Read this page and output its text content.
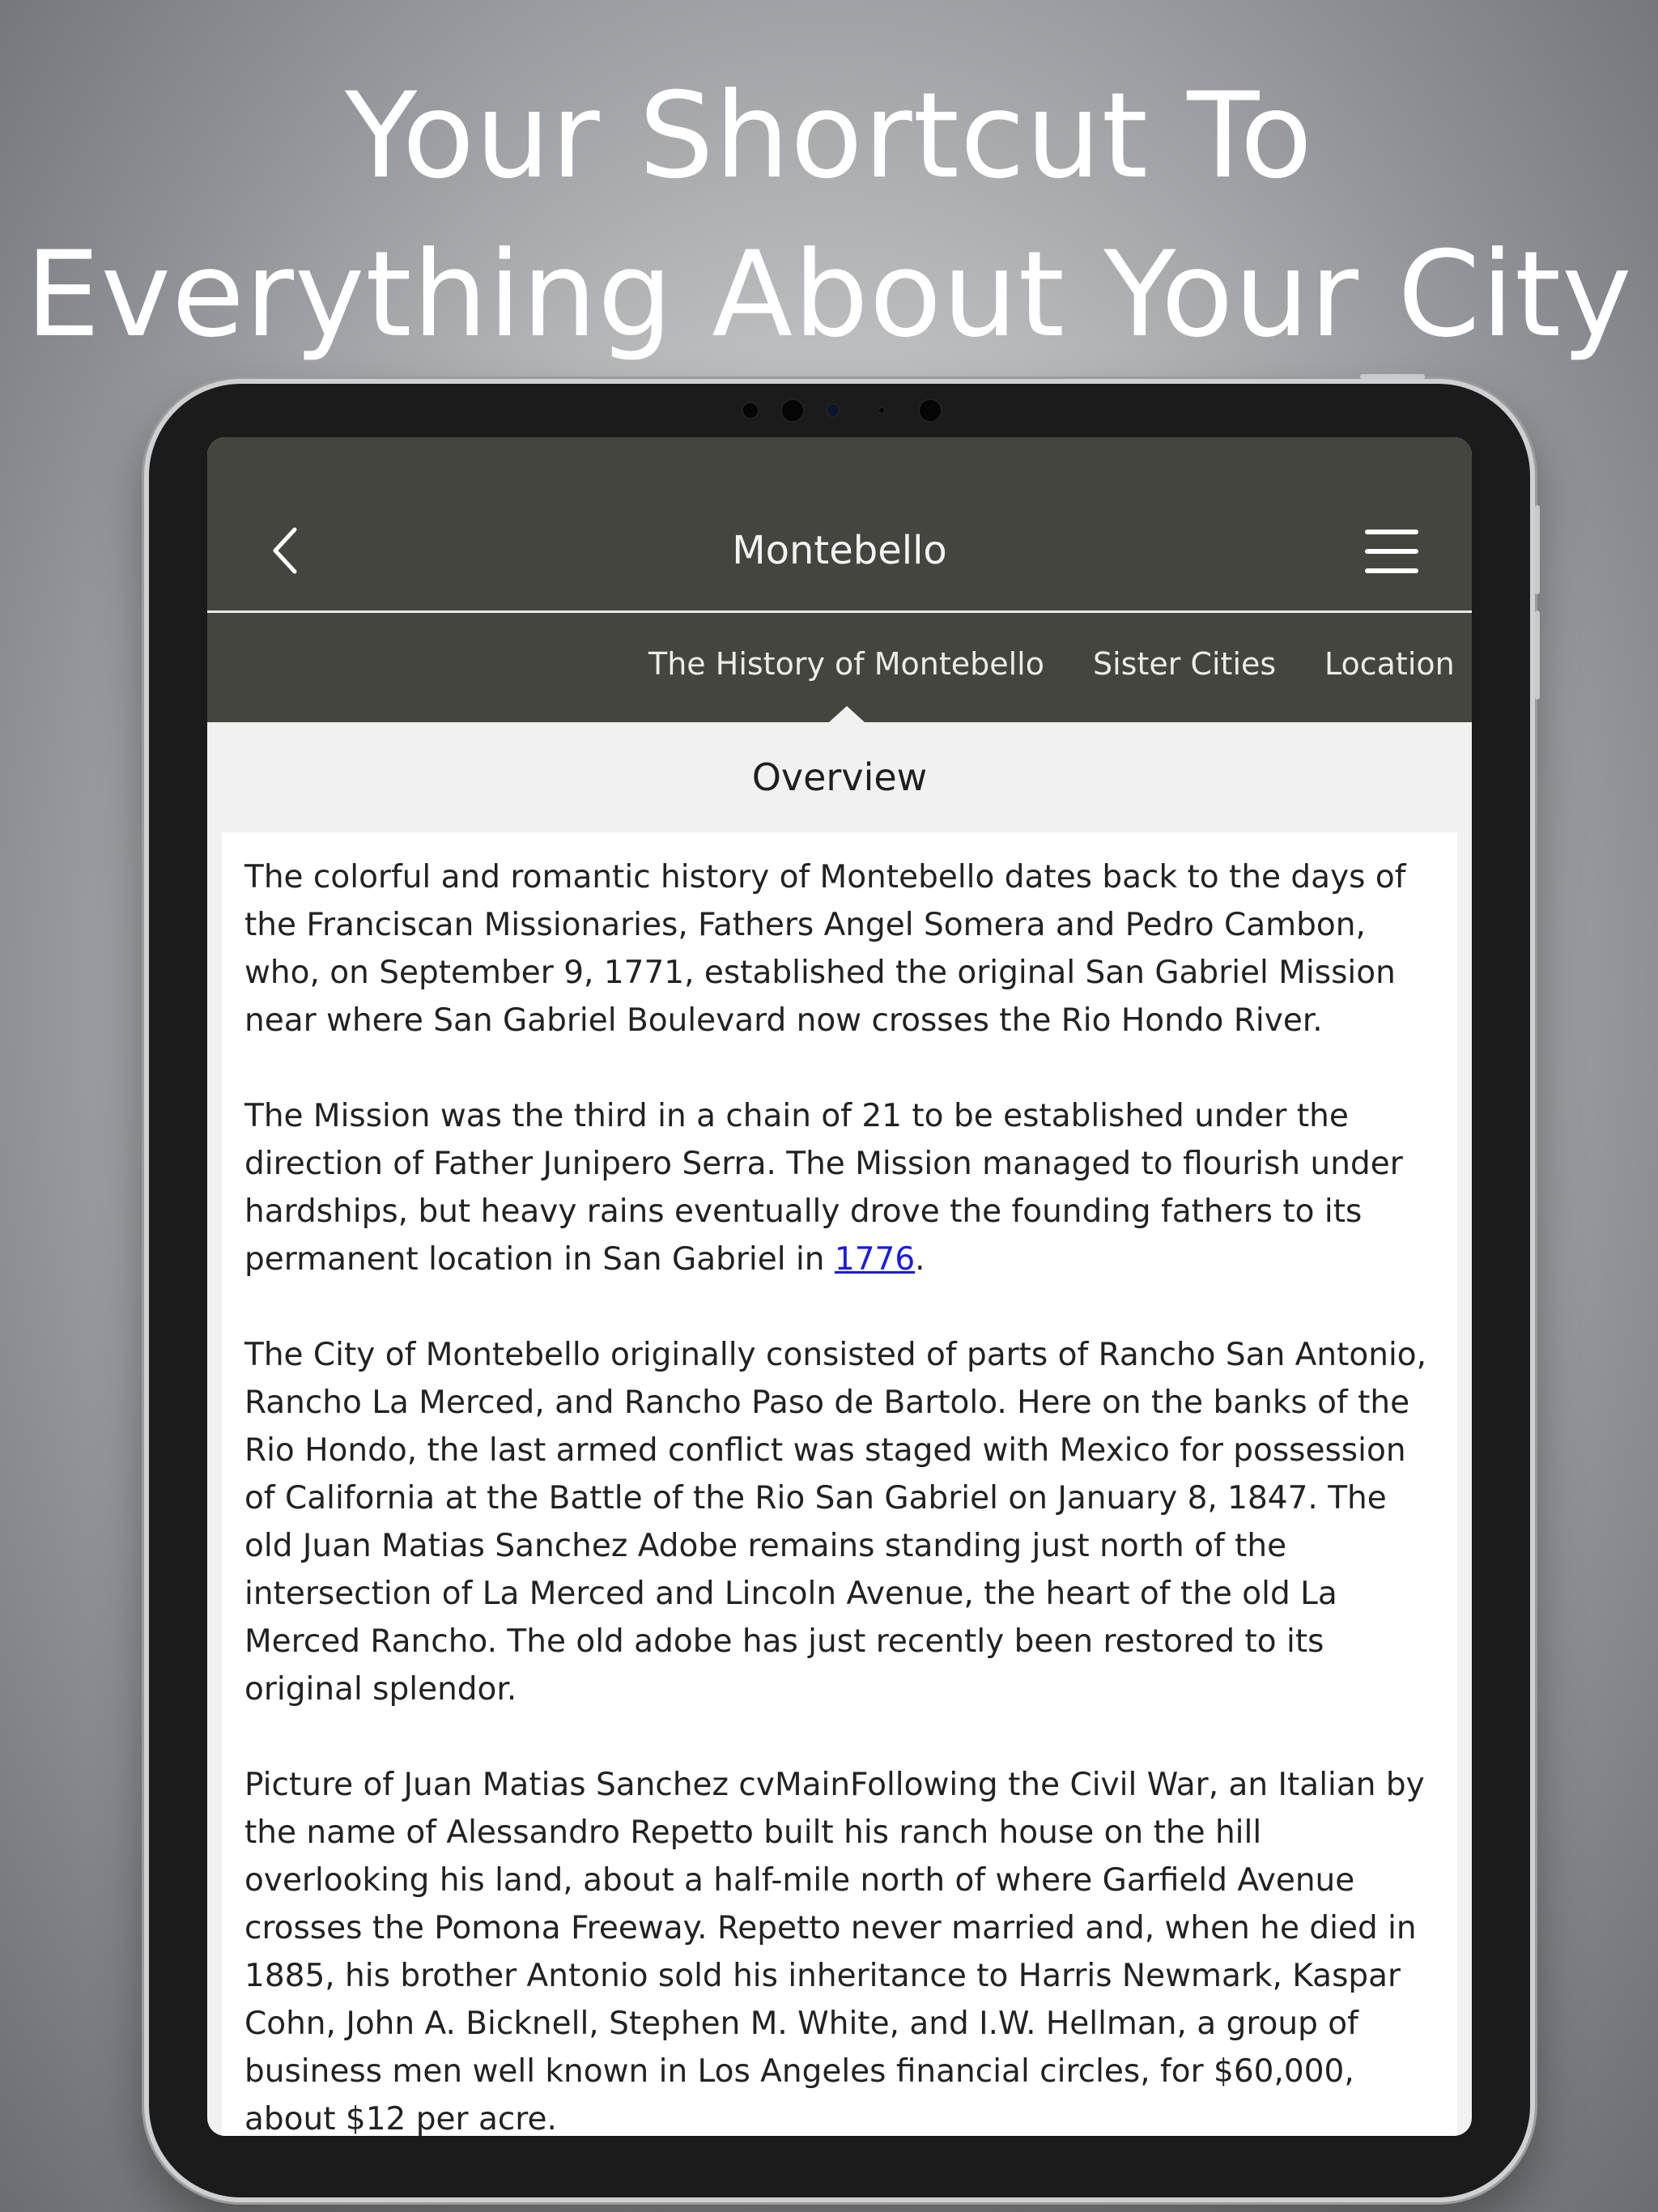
Your Shortcut To
Everything About Your City
Montebello
The History of Montebello Sister Cities Location
Overview

The colorful and romantic history of Montebello dates back to the days of the Franciscan Missionaries, Fathers Angel Somera and Pedro Cambon, who, on September 9, 1771, established the original San Gabriel Mission near where San Gabriel Boulevard now crosses the Rio Hondo River.

The Mission was the third in a chain of 21 to be established under the direction of Father Junipero Serra. The Mission managed to flourish under hardships, but heavy rains eventually drove the founding fathers to its permanent location in San Gabriel in 1776.

The City of Montebello originally consisted of parts of Rancho San Antonio, Rancho La Merced, and Rancho Paso de Bartolo. Here on the banks of the Rio Hondo, the last armed conflict was staged with Mexico for possession of California at the Battle of the Rio San Gabriel on January 8, 1847. The old Juan Matias Sanchez Adobe remains standing just north of the intersection of La Merced and Lincoln Avenue, the heart of the old La Merced Rancho. The old adobe has just recently been restored to its original splendor.

Picture of Juan Matias Sanchez cvMainFollowing the Civil War, an Italian by the name of Alessandro Repetto built his ranch house on the hill overlooking his land, about a half-mile north of where Garfield Avenue crosses the Pomona Freeway. Repetto never married and, when he died in 1885, his brother Antonio sold his inheritance to Harris Newmark, Kaspar Cohn, John A. Bicknell, Stephen M. White, and I.W. Hellman, a group of business men well known in Los Angeles financial circles, for $60,000, about $12 per acre.
